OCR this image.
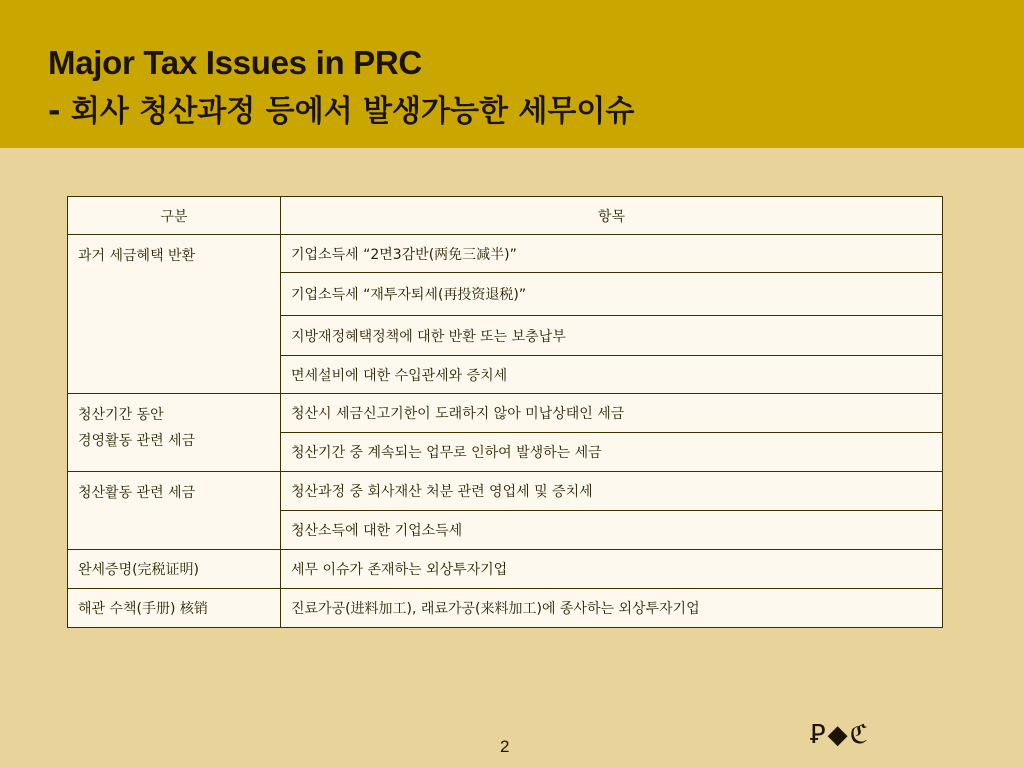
Major Tax Issues in PRC
- 회사 청산과정 등에서 발생가능한 세무이슈
구분	항목
과거 세금혜택 반환	기업소득세 “2면3감반(两免三减半)”
	기업소득세 “재투자퇴세(再投资退税)”
	지방재정혜택정책에 대한 반환 또는 보충납부
	면세설비에 대한 수입관세와 증치세
청산기간 동안
경영활동 관련 세금	청산시 세금신고기한이 도래하지 않아 미납상태인 세금
	청산기간 중 계속되는 업무로 인하여 발생하는 세금
청산활동 관련 세금	청산과정 중 회사재산 처분 관련 영업세 및 증치세
	청산소득에 대한 기업소득세
완세증명(完税证明)	세무 이슈가 존재하는 외상투자기업
해관 수책(手册) 核销	진료가공(进料加工), 래료가공(来料加工)에 종사하는 외상투자기업
Ꝑ◆ℭ
2
